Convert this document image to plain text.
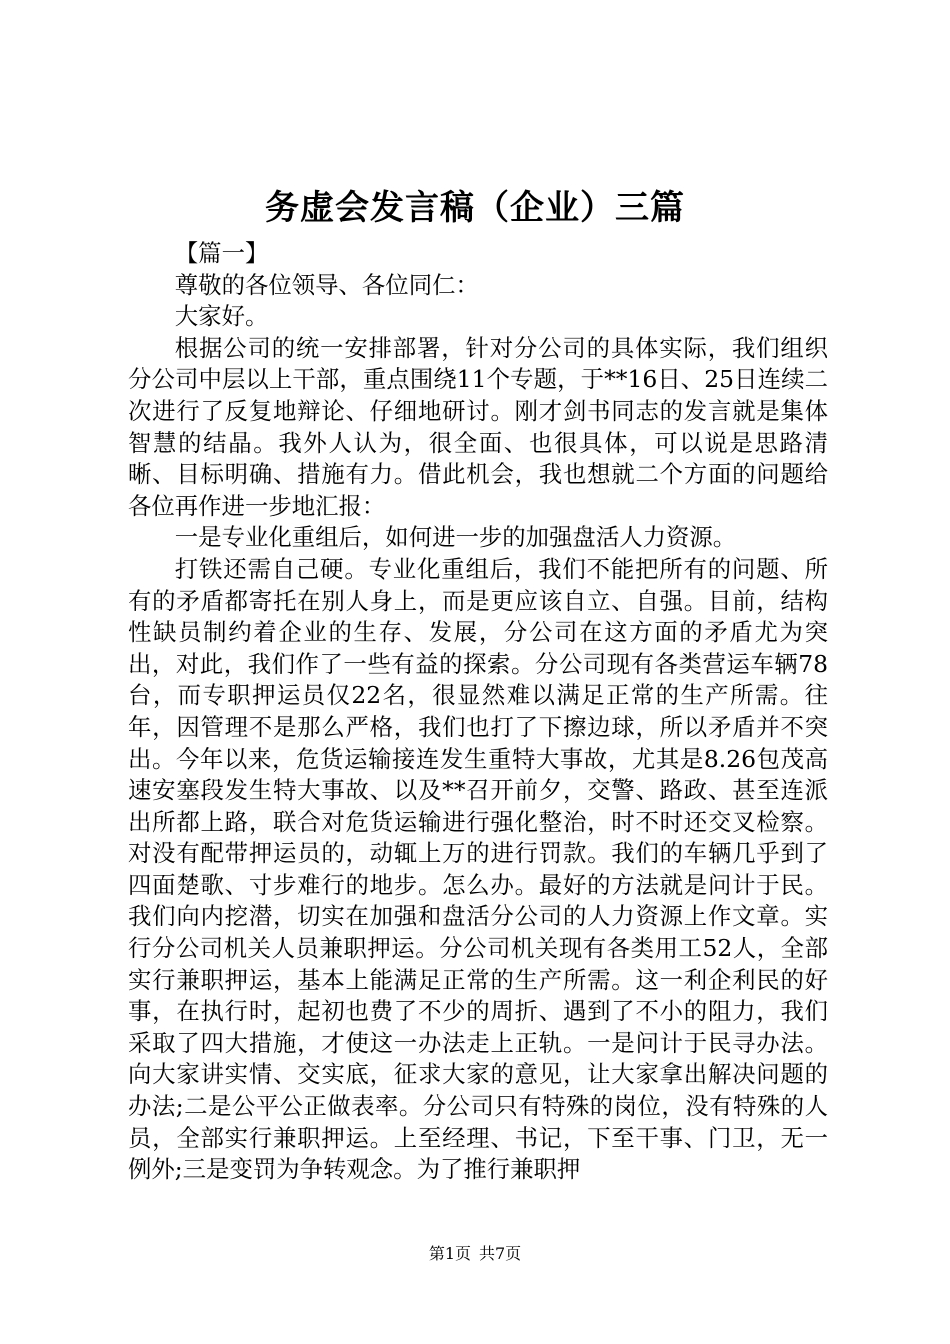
务虚会发言稿（企业）三篇

【篇一】

尊敬的各位领导、各位同仁：

大家好。

根据公司的统一安排部署，针对分公司的具体实际，我们组织分公司中层以上干部，重点围绕11个专题，于**16日、25日连续二次进行了反复地辩论、仔细地研讨。刚才剑书同志的发言就是集体智慧的结晶。我外人认为，很全面、也很具体，可以说是思路清晰、目标明确、措施有力。借此机会，我也想就二个方面的问题给各位再作进一步地汇报：

一是专业化重组后，如何进一步的加强盘活人力资源。

打铁还需自己硬。专业化重组后，我们不能把所有的问题、所有的矛盾都寄托在别人身上，而是更应该自立、自强。目前，结构性缺员制约着企业的生存、发展，分公司在这方面的矛盾尤为突出，对此，我们作了一些有益的探索。分公司现有各类营运车辆78台，而专职押运员仅22名，很显然难以满足正常的生产所需。往年，因管理不是那么严格，我们也打了下擦边球，所以矛盾并不突出。今年以来，危货运输接连发生重特大事故，尤其是8.26包茂高速安塞段发生特大事故、以及**召开前夕，交警、路政、甚至连派出所都上路，联合对危货运输进行强化整治，时不时还交叉检察。对没有配带押运员的，动辄上万的进行罚款。我们的车辆几乎到了四面楚歌、寸步难行的地步。怎么办。最好的方法就是问计于民。我们向内挖潜，切实在加强和盘活分公司的人力资源上作文章。实行分公司机关人员兼职押运。分公司机关现有各类用工52人，全部实行兼职押运，基本上能满足正常的生产所需。这一利企利民的好事，在执行时，起初也费了不少的周折、遇到了不小的阻力，我们采取了四大措施，才使这一办法走上正轨。一是问计于民寻办法。向大家讲实情、交实底，征求大家的意见，让大家拿出解决问题的办法;二是公平公正做表率。分公司只有特殊的岗位，没有特殊的人员，全部实行兼职押运。上至经理、书记，下至干事、门卫，无一例外;三是变罚为争转观念。为了推行兼职押

第1页 共7页
